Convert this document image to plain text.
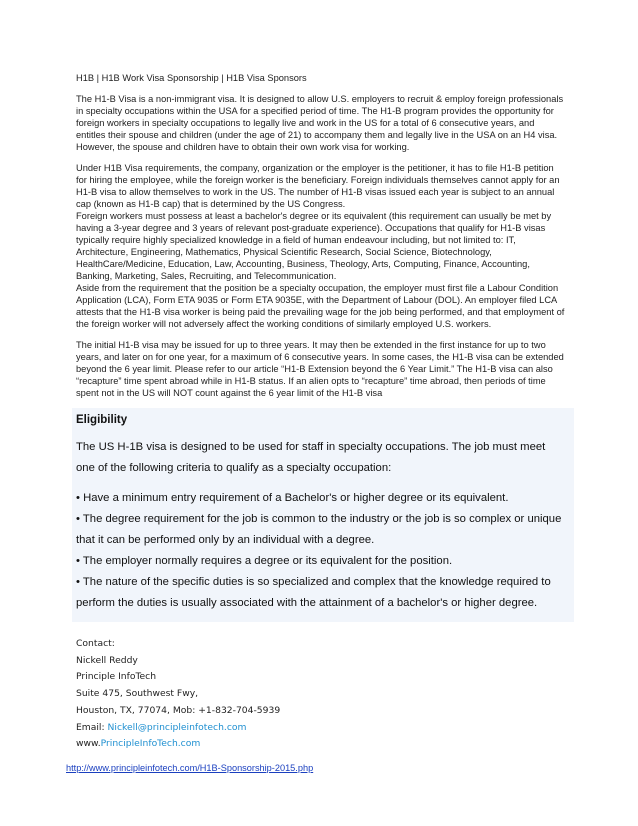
H1B | H1B Work Visa Sponsorship | H1B Visa Sponsors

The H1-B Visa is a non-immigrant visa. It is designed to allow U.S. employers to recruit & employ foreign professionals in specialty occupations within the USA for a specified period of time. The H1-B program provides the opportunity for foreign workers in specialty occupations to legally live and work in the US for a total of 6 consecutive years, and entitles their spouse and children (under the age of 21) to accompany them and legally live in the USA on an H4 visa. However, the spouse and children have to obtain their own work visa for working.

Under H1B Visa requirements, the company, organization or the employer is the petitioner, it has to file H1-B petition for hiring the employee, while the foreign worker is the beneficiary. Foreign individuals themselves cannot apply for an H1-B visa to allow themselves to work in the US. The number of H1-B visas issued each year is subject to an annual cap (known as H1-B cap) that is determined by the US Congress.

Foreign workers must possess at least a bachelor's degree or its equivalent (this requirement can usually be met by having a 3-year degree and 3 years of relevant post-graduate experience). Occupations that qualify for H1-B visas typically require highly specialized knowledge in a field of human endeavour including, but not limited to: IT, Architecture, Engineering, Mathematics, Physical Scientific Research, Social Science, Biotechnology, HealthCare/Medicine, Education, Law, Accounting, Business, Theology, Arts, Computing, Finance, Accounting, Banking, Marketing, Sales, Recruiting, and Telecommunication.

Aside from the requirement that the position be a specialty occupation, the employer must first file a Labour Condition Application (LCA), Form ETA 9035 or Form ETA 9035E, with the Department of Labour (DOL). An employer filed LCA attests that the H1-B visa worker is being paid the prevailing wage for the job being performed, and that employment of the foreign worker will not adversely affect the working conditions of similarly employed U.S. workers.

The initial H1-B visa may be issued for up to three years. It may then be extended in the first instance for up to two years, and later on for one year, for a maximum of 6 consecutive years. In some cases, the H1-B visa can be extended beyond the 6 year limit. Please refer to our article “H1-B Extension beyond the 6 Year Limit.” The H1-B visa can also “recapture” time spent abroad while in H1-B status. If an alien opts to “recapture” time abroad, then periods of time spent not in the US will NOT count against the 6 year limit of the H1-B visa

Eligibility

The US H-1B visa is designed to be used for staff in specialty occupations. The job must meet one of the following criteria to qualify as a specialty occupation:

• Have a minimum entry requirement of a Bachelor's or higher degree or its equivalent.

• The degree requirement for the job is common to the industry or the job is so complex or unique that it can be performed only by an individual with a degree.

• The employer normally requires a degree or its equivalent for the position.

• The nature of the specific duties is so specialized and complex that the knowledge required to perform the duties is usually associated with the attainment of a bachelor's or higher degree.

Contact:
Nickell Reddy
Principle InfoTech
Suite 475, Southwest Fwy,
Houston, TX, 77074, Mob: +1-832-704-5939
Email: Nickell@principleinfotech.com
www.PrincipleInfoTech.com
http://www.principleinfotech.com/H1B-Sponsorship-2015.php
